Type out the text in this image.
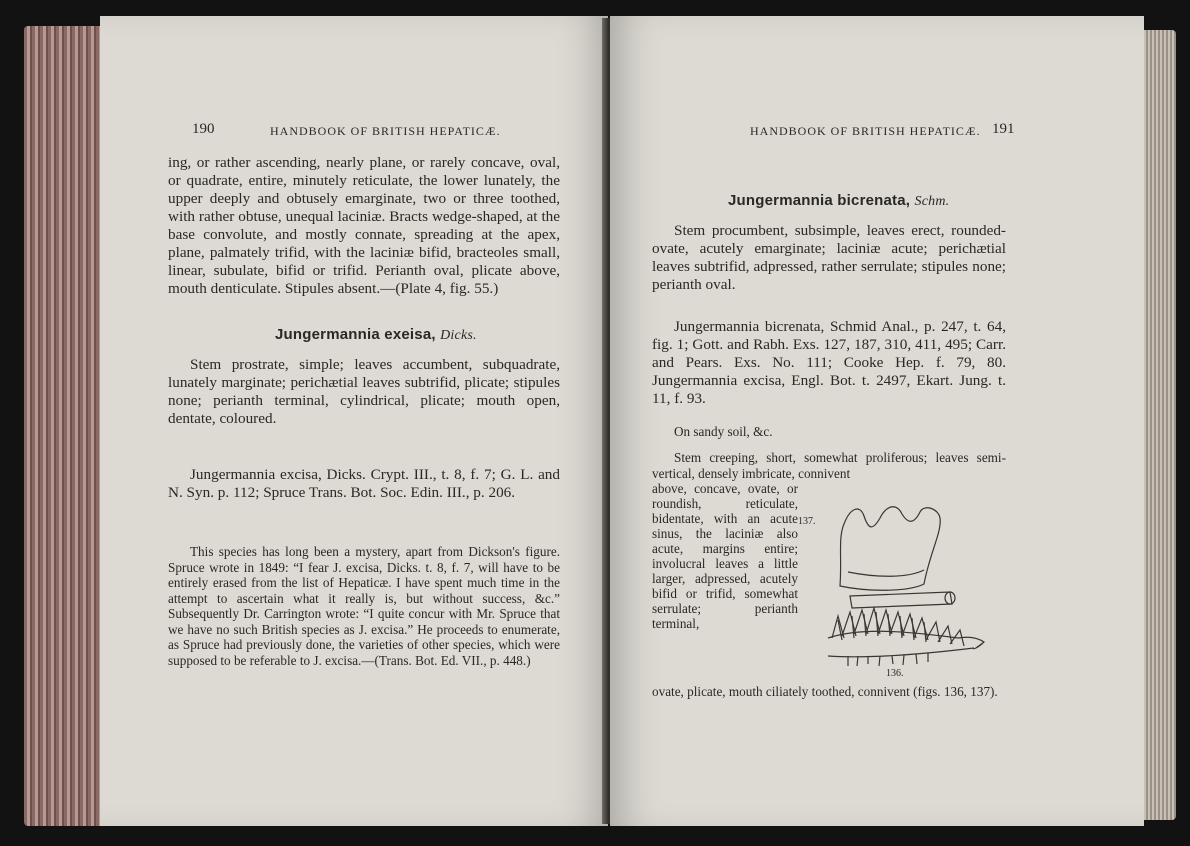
190	HANDBOOK OF BRITISH HEPATICÆ.

ing, or rather ascending, nearly plane, or rarely concave, oval, or quadrate, entire, minutely reticulate, the lower lunately, the upper deeply and obtusely emarginate, two or three toothed, with rather obtuse, unequal laciniæ. Bracts wedge-shaped, at the base convolute, and mostly connate, spreading at the apex, plane, palmately trifid, with the laciniæ bifid, bracteoles small, linear, subulate, bifid or trifid. Perianth oval, plicate above, mouth denticulate. Stipules absent.—(Plate 4, fig. 55.)

Jungermannia exeisa, Dicks.

Stem prostrate, simple; leaves accumbent, subquadrate, lunately marginate; perichætial leaves subtrifid, plicate; stipules none; perianth terminal, cylindrical, plicate; mouth open, dentate, coloured.

Jungermannia excisa, Dicks. Crypt. III., t. 8, f. 7; G. L. and N. Syn. p. 112; Spruce Trans. Bot. Soc. Edin. III., p. 206.

This species has long been a mystery, apart from Dickson's figure. Spruce wrote in 1849: “I fear J. excisa, Dicks. t. 8, f. 7, will have to be entirely erased from the list of Hepaticæ. I have spent much time in the attempt to ascertain what it really is, but without success, &c.” Subsequently Dr. Carrington wrote: “I quite concur with Mr. Spruce that we have no such British species as J. excisa.” He proceeds to enumerate, as Spruce had previously done, the varieties of other species, which were supposed to be referable to J. excisa.—(Trans. Bot. Ed. VII., p. 448.)

HANDBOOK OF BRITISH HEPATICÆ. 191
Jungermannia bicrenata, Schm.

Stem procumbent, subsimple, leaves erect, rounded-ovate, acutely emarginate; laciniæ acute; perichætial leaves subtrifid, adpressed, rather serrulate; stipules none; perianth oval.

Jungermannia bicrenata, Schmid Anal., p. 247, t. 64, fig. 1; Gott. and Rabh. Exs. 127, 187, 310, 411, 495; Carr. and Pears. Exs. No. 111; Cooke Hep. f. 79, 80. Jungermannia excisa, Engl. Bot. t. 2497, Ekart. Jung. t. 11, f. 93.

On sandy soil, &c.

Stem creeping, short, somewhat proliferous; leaves semi-vertical, densely imbricate, connivent

above, concave, ovate, or roundish, reticulate, bidentate, with an acute sinus, the laciniæ also acute, margins entire; involucral leaves a little larger, adpressed, acutely bifid or trifid, somewhat serrulate; perianth terminal,

ovate, plicate, mouth ciliately toothed, connivent (figs. 136, 137).

137.
136.
